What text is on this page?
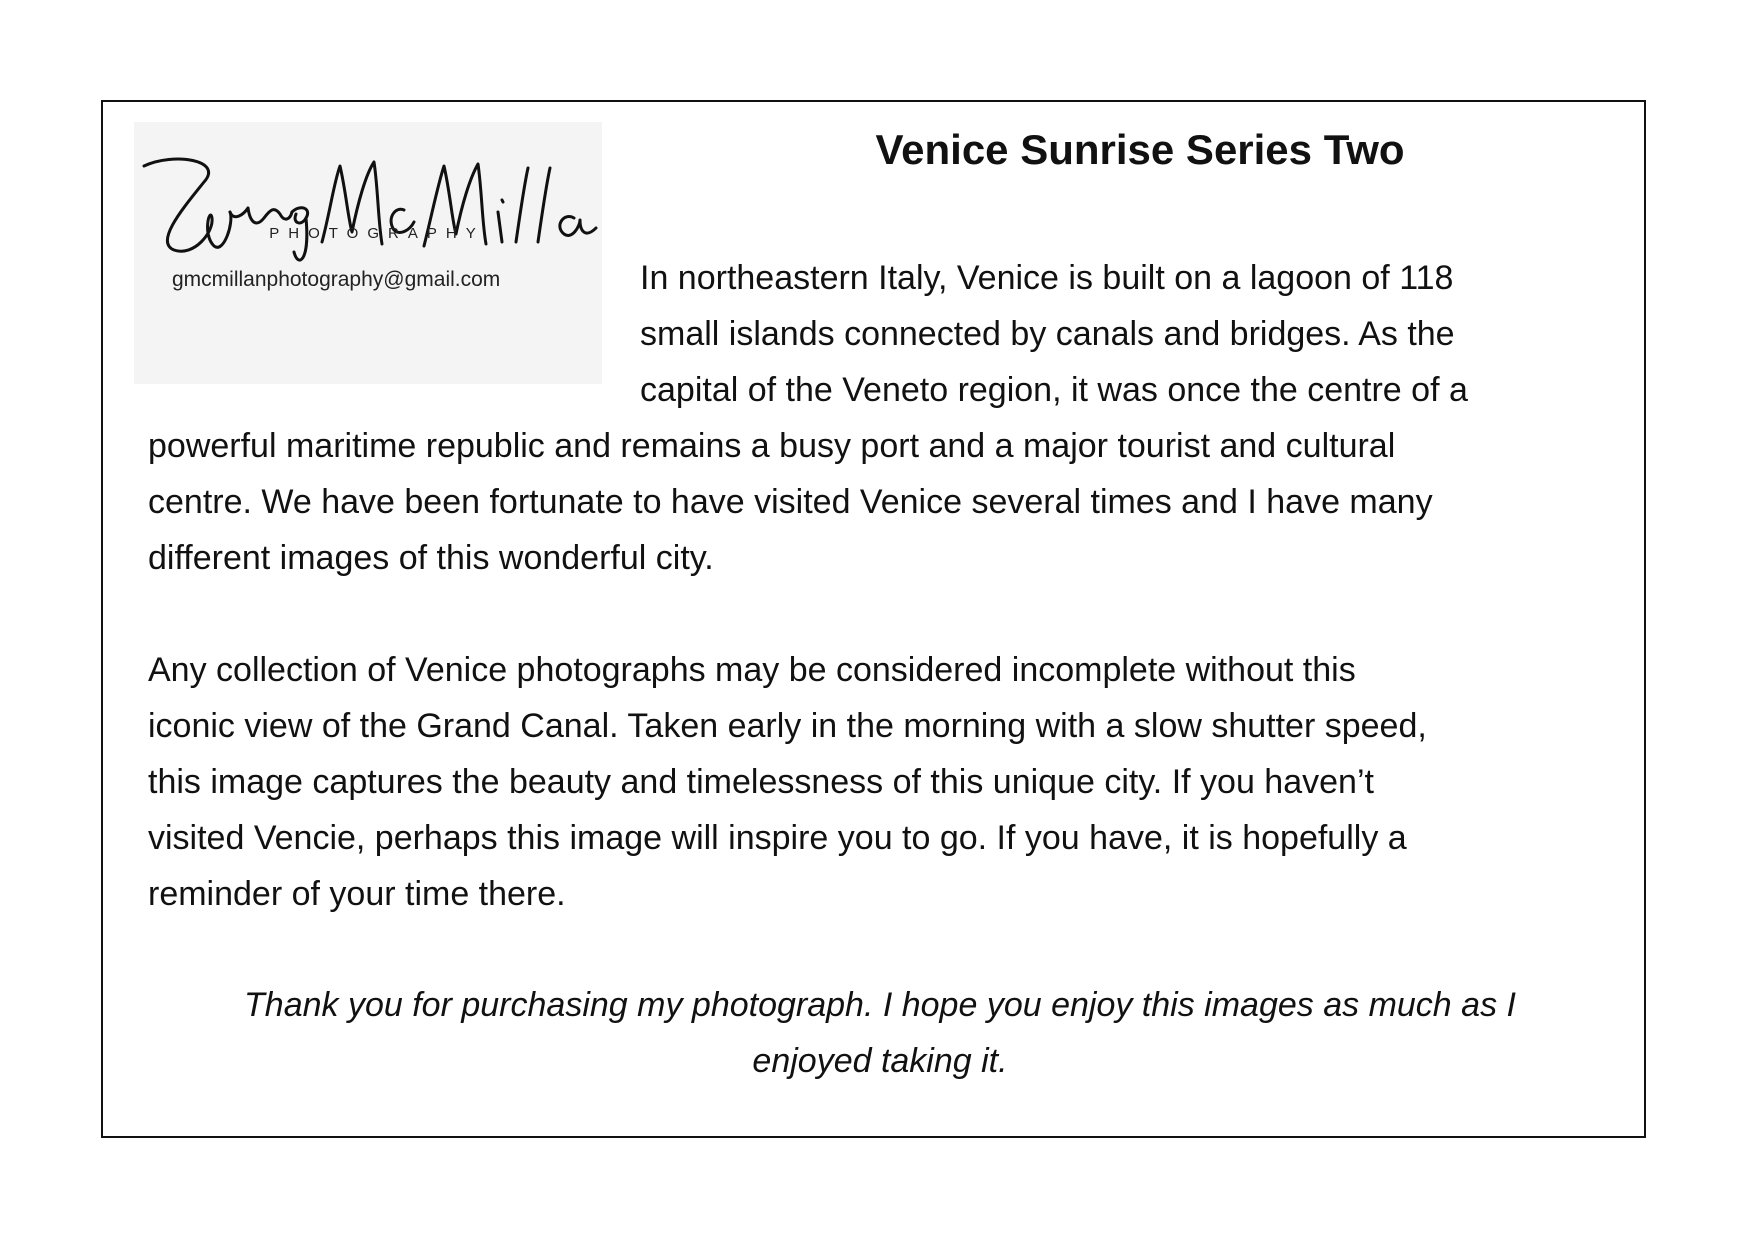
PHOTOGRAPHY
gmcmillanphotography@gmail.com
Venice Sunrise Series Two
In northeastern Italy, Venice is built on a lagoon of 118
small islands connected by canals and bridges. As the
capital of the Veneto region, it was once the centre of a
powerful maritime republic and remains a busy port and a major tourist and cultural
centre. We have been fortunate to have visited Venice several times and I have many
different images of this wonderful city.
Any collection of Venice photographs may be considered incomplete without this
iconic view of the Grand Canal. Taken early in the morning with a slow shutter speed,
this image captures the beauty and timelessness of this unique city. If you haven’t
visited Vencie, perhaps this image will inspire you to go. If you have, it is hopefully a
reminder of your time there.

Thank you for purchasing my photograph. I hope you enjoy this images as much as I
enjoyed taking it.
